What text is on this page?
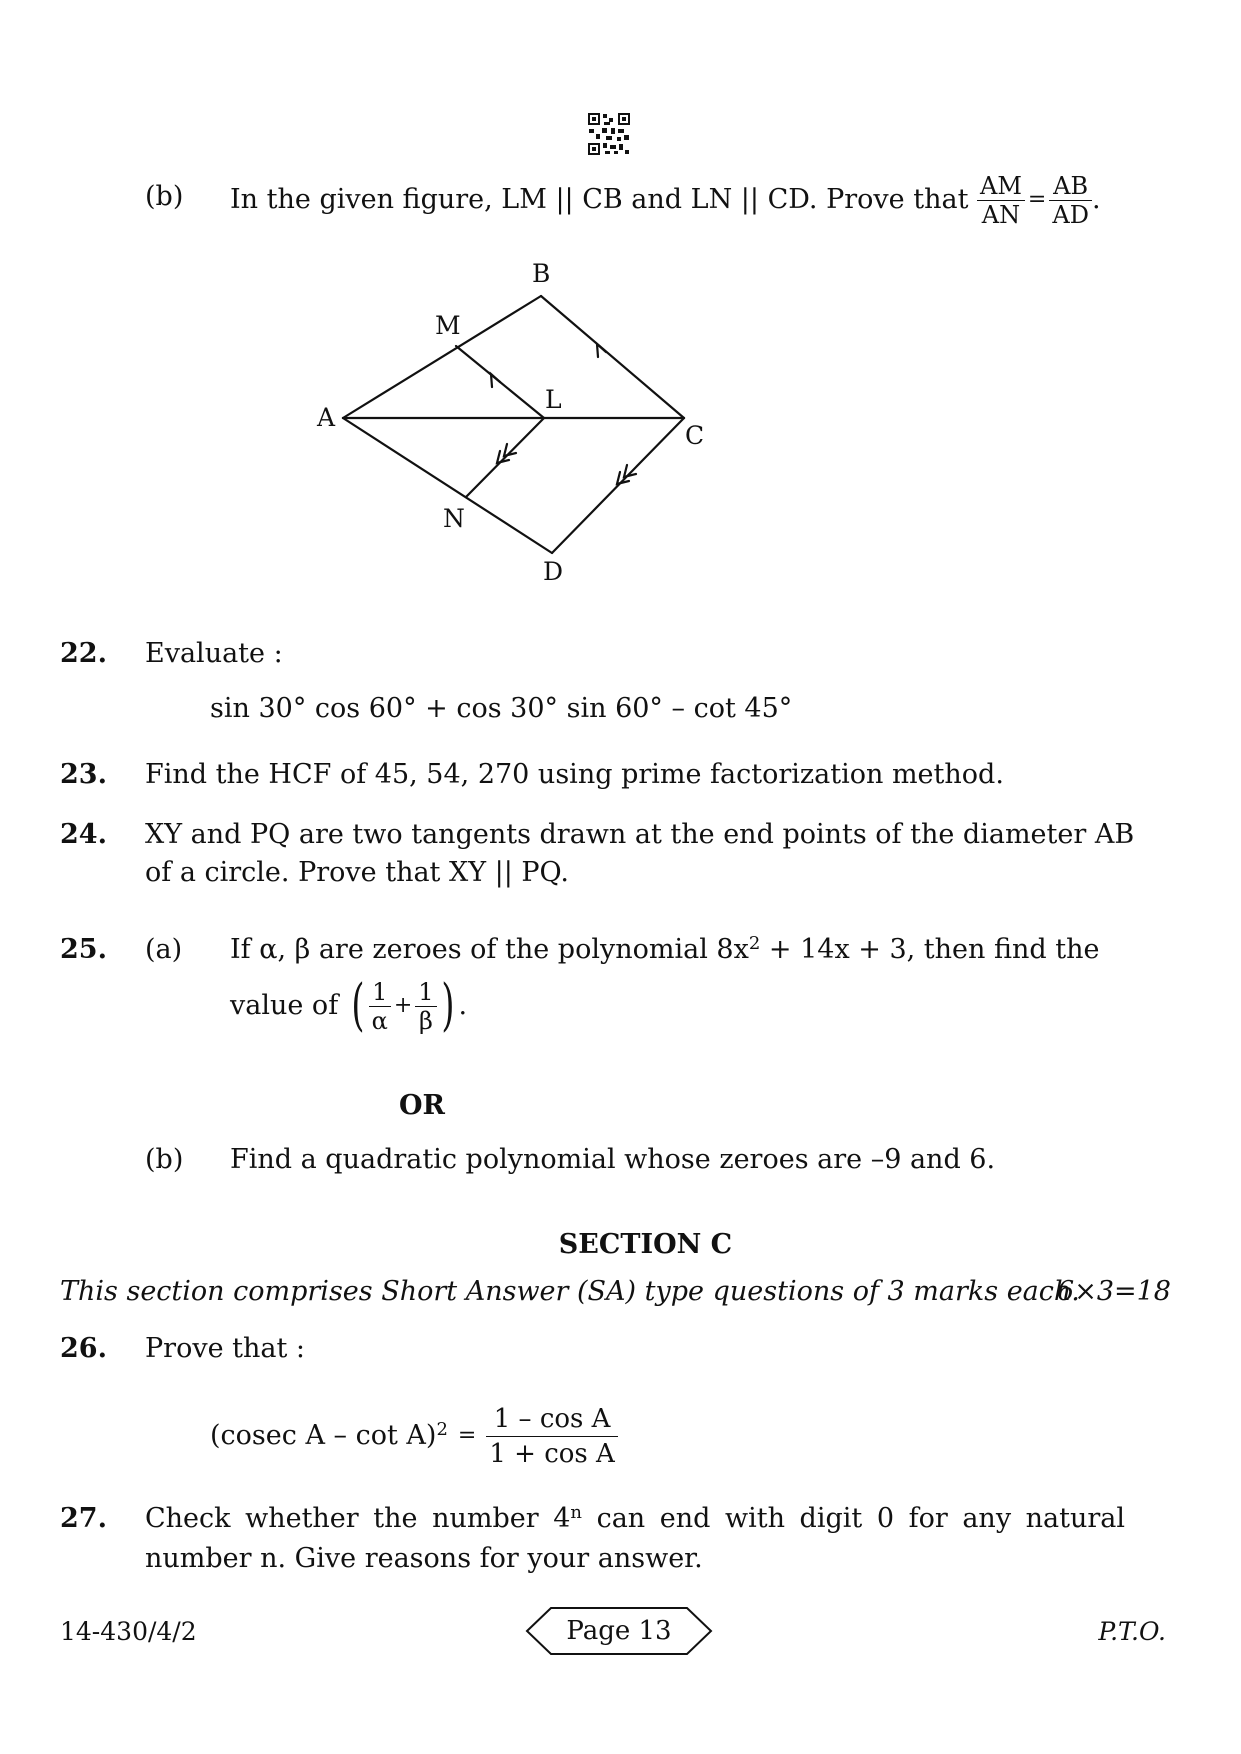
(b) In the given figure, LM || CB and LN || CD. Prove that
$\frac{AM}{AN} = \frac{AB}{AD}$ .
B
M
A
L
C
N
D
22. Evaluate :
sin 30° cos 60° + cos 30° sin 60° – cot 45°
23. Find the HCF of 45, 54, 270 using prime factorization method.
24. XY and PQ are two tangents drawn at the end points of the diameter AB
of a circle. Prove that XY || PQ.
25. (a) If α, β are zeroes of the polynomial $8x^2 + 14x + 3$, then find the
value of
( $\frac{1}{\alpha} + \frac{1}{\beta}$ ) .
OR
(b) Find a quadratic polynomial whose zeroes are –9 and 6.
SECTION C
This section comprises Short Answer (SA) type questions of 3 marks each.
6×3=18
26. Prove that :
(cosec $A - \cot A)^2 = \frac{\text{1 – cos A}}{\text{1 + cos A}}$
27. Check whether the number 4$^n$ can end with digit 0 for any natural
number n. Give reasons for your answer.
14-430/4/2	Page 13	P.T.O.
